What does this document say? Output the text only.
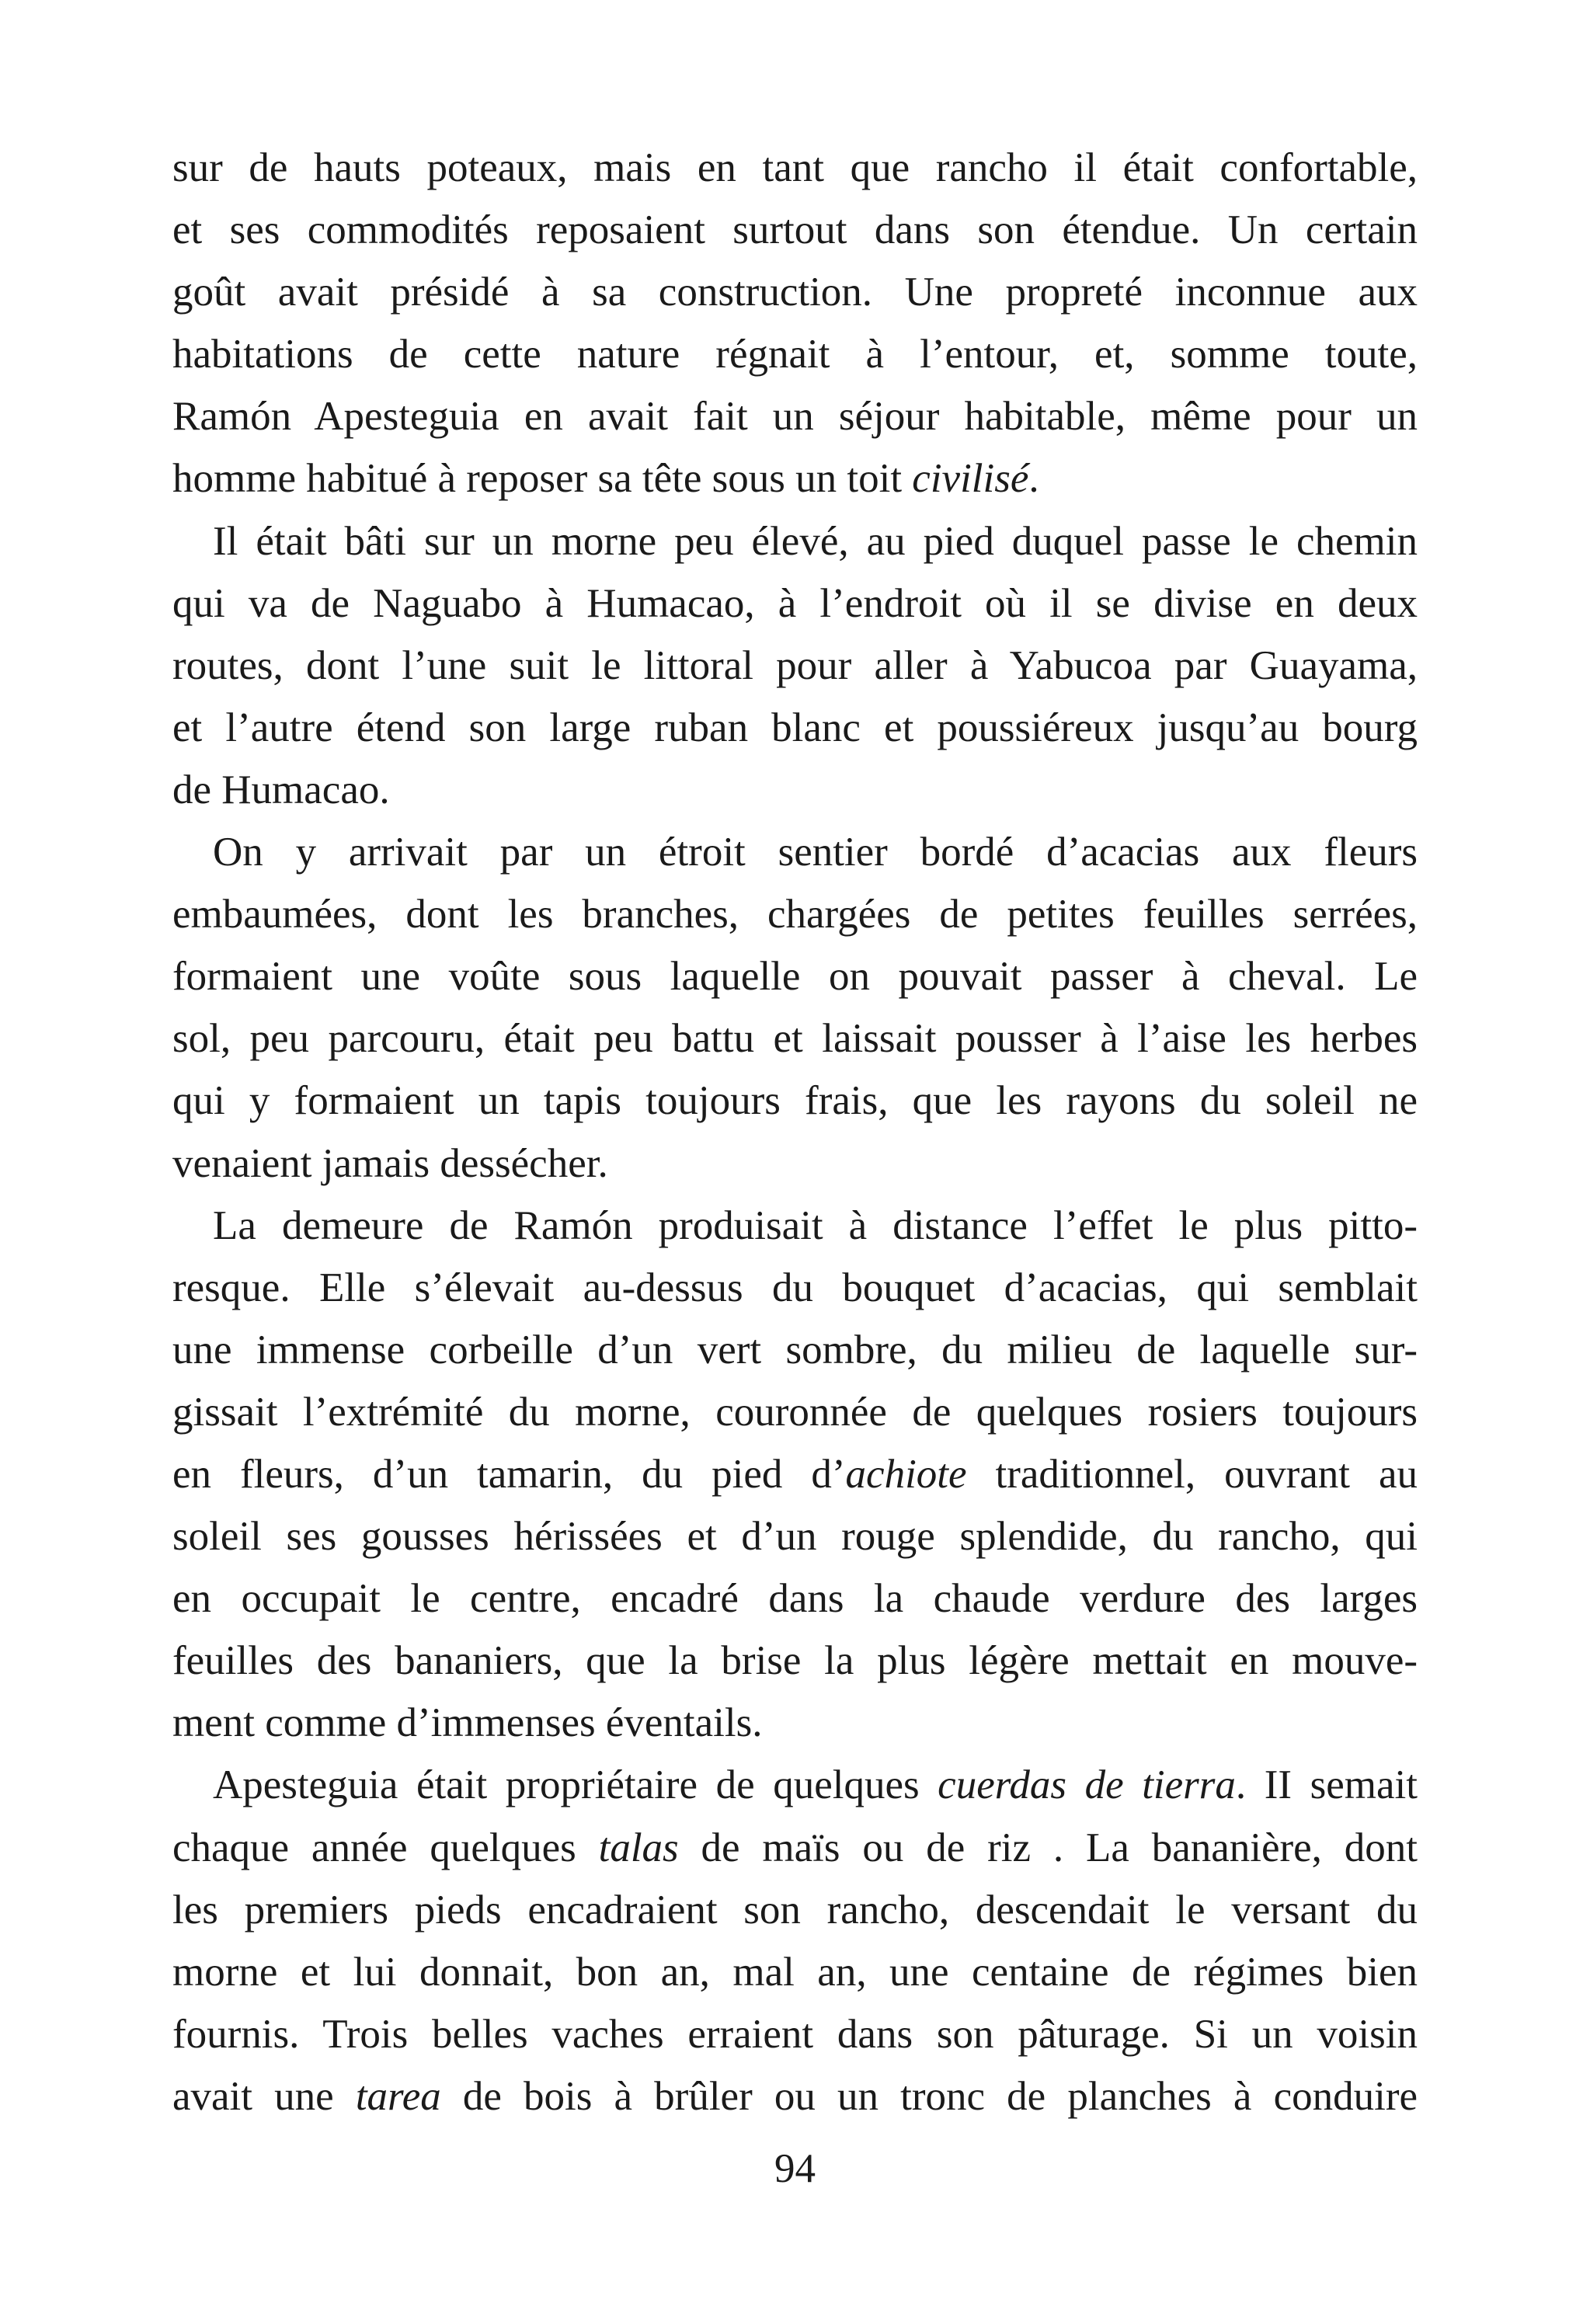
sur de hauts poteaux, mais en tant que rancho il était confortable,
et ses commodités reposaient surtout dans son étendue. Un certain
goût avait présidé à sa construction. Une propreté inconnue aux
habitations de cette nature régnait à l’entour, et, somme toute,
Ramón Apesteguia en avait fait un séjour habitable, même pour un
homme habitué à reposer sa tête sous un toit civilisé.
Il était bâti sur un morne peu élevé, au pied duquel passe le chemin
qui va de Naguabo à Humacao, à l’endroit où il se divise en deux
routes, dont l’une suit le littoral pour aller à Yabucoa par Guayama,
et l’autre étend son large ruban blanc et poussiéreux jusqu’au bourg
de Humacao.
On y arrivait par un étroit sentier bordé d’acacias aux fleurs
embaumées, dont les branches, chargées de petites feuilles serrées,
formaient une voûte sous laquelle on pouvait passer à cheval. Le
sol, peu parcouru, était peu battu et laissait pousser à l’aise les herbes
qui y formaient un tapis toujours frais, que les rayons du soleil ne
venaient jamais dessécher.
La demeure de Ramón produisait à distance l’effet le plus pitto-
resque. Elle s’élevait au-dessus du bouquet d’acacias, qui semblait
une immense corbeille d’un vert sombre, du milieu de laquelle sur-
gissait l’extrémité du morne, couronnée de quelques rosiers toujours
en fleurs, d’un tamarin, du pied d’achiote traditionnel, ouvrant au
soleil ses gousses hérissées et d’un rouge splendide, du rancho, qui
en occupait le centre, encadré dans la chaude verdure des larges
feuilles des bananiers, que la brise la plus légère mettait en mouve-
ment comme d’immenses éventails.
Apesteguia était propriétaire de quelques cuerdas de tierra. II semait
chaque année quelques talas de maïs ou de riz . La bananière, dont
les premiers pieds encadraient son rancho, descendait le versant du
morne et lui donnait, bon an, mal an, une centaine de régimes bien
fournis. Trois belles vaches erraient dans son pâturage. Si un voisin
avait une tarea de bois à brûler ou un tronc de planches à conduire
94
